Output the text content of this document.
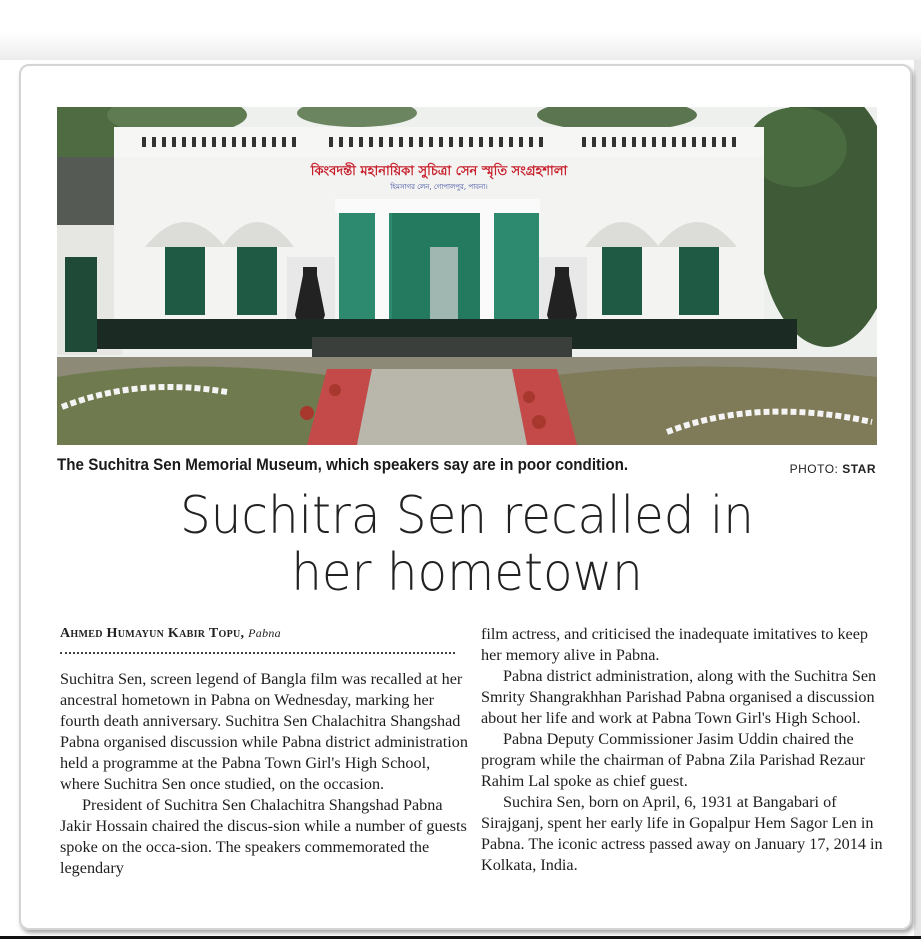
কিংবদন্তী মহানায়িকা সুচিত্রা সেন স্মৃতি সংগ্রহশালা
হিমসাগর লেন, গোপালপুর, পাবনা।
The Suchitra Sen Memorial Museum, which speakers say are in poor condition.	PHOTO: STAR
Suchitra Sen recalled in
her hometown
Ahmed Humayun Kabir Topu, Pabna

Suchitra Sen, screen legend of Bangla film was recalled at her ancestral hometown in Pabna on Wednesday, marking her fourth death anniversary. Suchitra Sen Chalachitra Shangshad Pabna organised discussion while Pabna district administration held a programme at the Pabna Town Girl's High School, where Suchitra Sen once studied, on the occasion.

President of Suchitra Sen Chalachitra Shangshad Pabna Jakir Hossain chaired the discus-sion while a number of guests spoke on the occa-sion. The speakers commemorated the legendary

film actress, and criticised the inadequate imitatives to keep her memory alive in Pabna.

Pabna district administration, along with the Suchitra Sen Smrity Shangrakhhan Parishad Pabna organised a discussion about her life and work at Pabna Town Girl's High School.

Pabna Deputy Commissioner Jasim Uddin chaired the program while the chairman of Pabna Zila Parishad Rezaur Rahim Lal spoke as chief guest.

Suchira Sen, born on April, 6, 1931 at Bangabari of Sirajganj, spent her early life in Gopalpur Hem Sagor Len in Pabna. The iconic actress passed away on January 17, 2014 in Kolkata, India.
